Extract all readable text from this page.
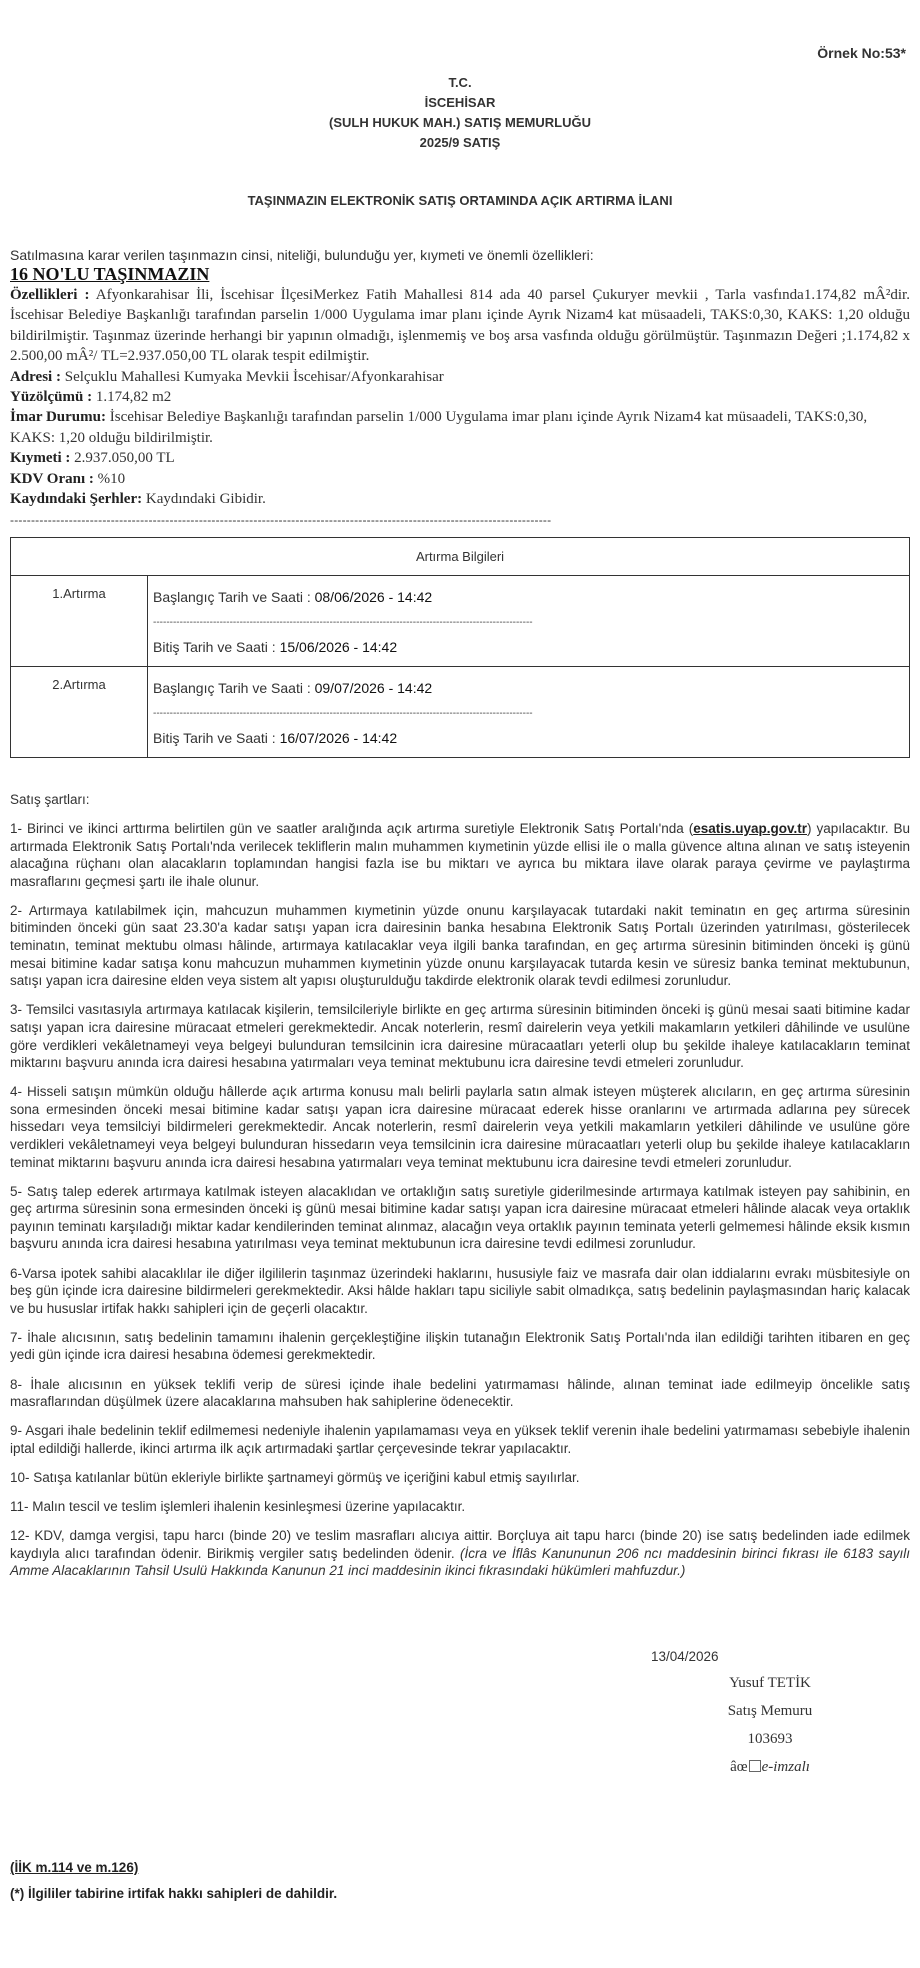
Örnek No:53*
T.C.
İSCEHİSAR
(SULH HUKUK MAH.) SATIŞ MEMURLUĞU
2025/9 SATIŞ
TAŞINMAZIN ELEKTRONİK SATIŞ ORTAMINDA AÇIK ARTIRMA İLANI
Satılmasına karar verilen taşınmazın cinsi, niteliği, bulunduğu yer, kıymeti ve önemli özellikleri:
16 NO'LU TAŞINMAZIN

Özellikleri : Afyonkarahisar İli, İscehisar İlçesiMerkez Fatih Mahallesi 814 ada 40 parsel Çukuryer mevkii , Tarla vasfında1.174,82 mÂ²dir. İscehisar Belediye Başkanlığı tarafından parselin 1/000 Uygulama imar planı içinde Ayrık Nizam4 kat müsaadeli, TAKS:0,30, KAKS: 1,20 olduğu bildirilmiştir. Taşınmaz üzerinde herhangi bir yapının olmadığı, işlenmemiş ve boş arsa vasfında olduğu görülmüştür. Taşınmazın Değeri ;1.174,82 x 2.500,00 mÂ²/ TL=2.937.050,00 TL olarak tespit edilmiştir.

Adresi : Selçuklu Mahallesi Kumyaka Mevkii İscehisar/Afyonkarahisar

Yüzölçümü : 1.174,82 m2

İmar Durumu: İscehisar Belediye Başkanlığı tarafından parselin 1/000 Uygulama imar planı içinde Ayrık Nizam4 kat müsaadeli, TAKS:0,30, KAKS: 1,20 olduğu bildirilmiştir.

Kıymeti : 2.937.050,00 TL

KDV Oranı : %10

Kaydındaki Şerhler: Kaydındaki Gibidir.

---------------------------------------------------------------------------------------------------------------------------------
Artırma Bilgileri	
1.Artırma	Başlangıç Tarih ve Saati : 08/06/2026 - 14:42
------------------------------------------------------------------------------------------------------------------
Bitiş Tarih ve Saati : 15/06/2026 - 14:42

2.Artırma	Başlangıç Tarih ve Saati : 09/07/2026 - 14:42
------------------------------------------------------------------------------------------------------------------
Bitiş Tarih ve Saati : 16/07/2026 - 14:42
Satış şartları:

1- Birinci ve ikinci arttırma belirtilen gün ve saatler aralığında açık artırma suretiyle Elektronik Satış Portalı'nda (esatis.uyap.gov.tr) yapılacaktır. Bu artırmada Elektronik Satış Portalı'nda verilecek tekliflerin malın muhammen kıymetinin yüzde ellisi ile o malla güvence altına alınan ve satış isteyenin alacağına rüçhanı olan alacakların toplamından hangisi fazla ise bu miktarı ve ayrıca bu miktara ilave olarak paraya çevirme ve paylaştırma masraflarını geçmesi şartı ile ihale olunur.

2- Artırmaya katılabilmek için, mahcuzun muhammen kıymetinin yüzde onunu karşılayacak tutardaki nakit teminatın en geç artırma süresinin bitiminden önceki gün saat 23.30'a kadar satışı yapan icra dairesinin banka hesabına Elektronik Satış Portalı üzerinden yatırılması, gösterilecek teminatın, teminat mektubu olması hâlinde, artırmaya katılacaklar veya ilgili banka tarafından, en geç artırma süresinin bitiminden önceki iş günü mesai bitimine kadar satışa konu mahcuzun muhammen kıymetinin yüzde onunu karşılayacak tutarda kesin ve süresiz banka teminat mektubunun, satışı yapan icra dairesine elden veya sistem alt yapısı oluşturulduğu takdirde elektronik olarak tevdi edilmesi zorunludur.

3- Temsilci vasıtasıyla artırmaya katılacak kişilerin, temsilcileriyle birlikte en geç artırma süresinin bitiminden önceki iş günü mesai saati bitimine kadar satışı yapan icra dairesine müracaat etmeleri gerekmektedir. Ancak noterlerin, resmî dairelerin veya yetkili makamların yetkileri dâhilinde ve usulüne göre verdikleri vekâletnameyi veya belgeyi bulunduran temsilcinin icra dairesine müracaatları yeterli olup bu şekilde ihaleye katılacakların teminat miktarını başvuru anında icra dairesi hesabına yatırmaları veya teminat mektubunu icra dairesine tevdi etmeleri zorunludur.

4- Hisseli satışın mümkün olduğu hâllerde açık artırma konusu malı belirli paylarla satın almak isteyen müşterek alıcıların, en geç artırma süresinin sona ermesinden önceki mesai bitimine kadar satışı yapan icra dairesine müracaat ederek hisse oranlarını ve artırmada adlarına pey sürecek hissedarı veya temsilciyi bildirmeleri gerekmektedir. Ancak noterlerin, resmî dairelerin veya yetkili makamların yetkileri dâhilinde ve usulüne göre verdikleri vekâletnameyi veya belgeyi bulunduran hissedarın veya temsilcinin icra dairesine müracaatları yeterli olup bu şekilde ihaleye katılacakların teminat miktarını başvuru anında icra dairesi hesabına yatırmaları veya teminat mektubunu icra dairesine tevdi etmeleri zorunludur.

5- Satış talep ederek artırmaya katılmak isteyen alacaklıdan ve ortaklığın satış suretiyle giderilmesinde artırmaya katılmak isteyen pay sahibinin, en geç artırma süresinin sona ermesinden önceki iş günü mesai bitimine kadar satışı yapan icra dairesine müracaat etmeleri hâlinde alacak veya ortaklık payının teminatı karşıladığı miktar kadar kendilerinden teminat alınmaz, alacağın veya ortaklık payının teminata yeterli gelmemesi hâlinde eksik kısmın başvuru anında icra dairesi hesabına yatırılması veya teminat mektubunun icra dairesine tevdi edilmesi zorunludur.

6-Varsa ipotek sahibi alacaklılar ile diğer ilgililerin taşınmaz üzerindeki haklarını, hususiyle faiz ve masrafa dair olan iddialarını evrakı müsbitesiyle on beş gün içinde icra dairesine bildirmeleri gerekmektedir. Aksi hâlde hakları tapu siciliyle sabit olmadıkça, satış bedelinin paylaşmasından hariç kalacak ve bu hususlar irtifak hakkı sahipleri için de geçerli olacaktır.

7- İhale alıcısının, satış bedelinin tamamını ihalenin gerçekleştiğine ilişkin tutanağın Elektronik Satış Portalı'nda ilan edildiği tarihten itibaren en geç yedi gün içinde icra dairesi hesabına ödemesi gerekmektedir.

8- İhale alıcısının en yüksek teklifi verip de süresi içinde ihale bedelini yatırmaması hâlinde, alınan teminat iade edilmeyip öncelikle satış masraflarından düşülmek üzere alacaklarına mahsuben hak sahiplerine ödenecektir.

9- Asgari ihale bedelinin teklif edilmemesi nedeniyle ihalenin yapılamaması veya en yüksek teklif verenin ihale bedelini yatırmaması sebebiyle ihalenin iptal edildiği hallerde, ikinci artırma ilk açık artırmadaki şartlar çerçevesinde tekrar yapılacaktır.

10- Satışa katılanlar bütün ekleriyle birlikte şartnameyi görmüş ve içeriğini kabul etmiş sayılırlar.

11- Malın tescil ve teslim işlemleri ihalenin kesinleşmesi üzerine yapılacaktır.

12- KDV, damga vergisi, tapu harcı (binde 20) ve teslim masrafları alıcıya aittir. Borçluya ait tapu harcı (binde 20) ise satış bedelinden iade edilmek kaydıyla alıcı tarafından ödenir. Birikmiş vergiler satış bedelinden ödenir. (İcra ve İflâs Kanununun 206 ncı maddesinin birinci fıkrası ile 6183 sayılı Amme Alacaklarının Tahsil Usulü Hakkında Kanunun 21 inci maddesinin ikinci fıkrasındaki hükümleri mahfuzdur.)

13/04/2026
Yusuf TETİK
Satış Memuru
103693
âœ e-imzalı
(İİK m.114 ve m.126)
(*) İlgililer tabirine irtifak hakkı sahipleri de dahildir.
